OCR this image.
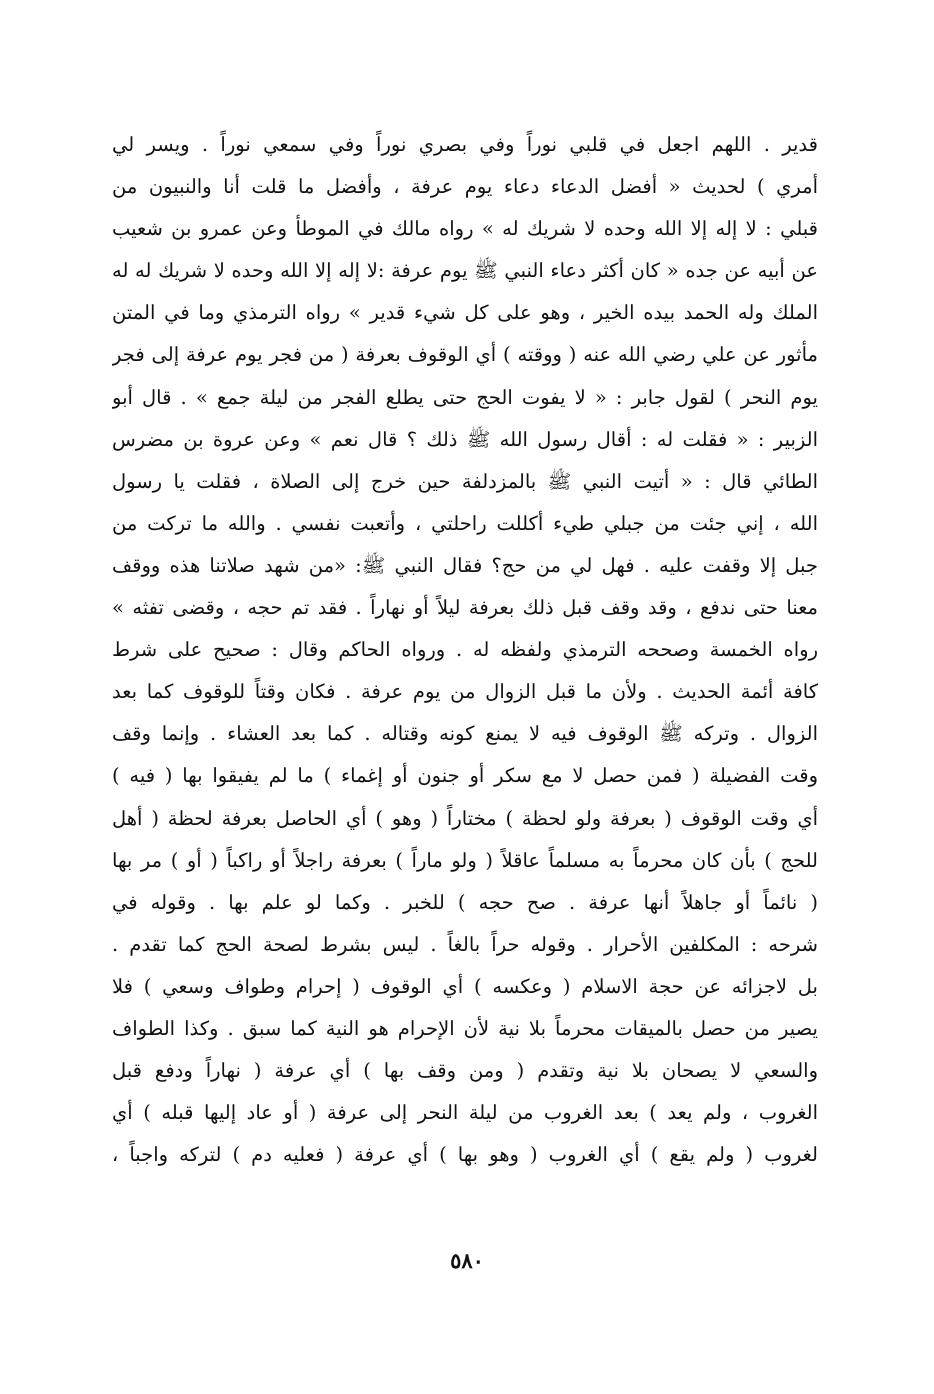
قدير . اللهم اجعل في قلبي نوراً وفي بصري نوراً وفي سمعي نوراً . ويسر لي
أمري ) لحديث « أفضل الدعاء دعاء يوم عرفة ، وأفضل ما قلت أنا والنبيون من
قبلي : لا إله إلا الله وحده لا شريك له » رواه مالك في الموطأ وعن عمرو بن شعيب
عن أبيه عن جده « كان أكثر دعاء النبي ﷺ يوم عرفة :لا إله إلا الله وحده لا شريك له له
الملك وله الحمد بيده الخير ، وهو على كل شيء قدير » رواه الترمذي وما في المتن
مأثور عن علي رضي الله عنه ( ووقته ) أي الوقوف بعرفة ( من فجر يوم عرفة إلى فجر
يوم النحر ) لقول جابر : « لا يفوت الحج حتى يطلع الفجر من ليلة جمع » . قال أبو
الزبير : « فقلت له : أقال رسول الله ﷺ ذلك ؟ قال نعم » وعن عروة بن مضرس
الطائي قال : « أتيت النبي ﷺ بالمزدلفة حين خرج إلى الصلاة ، فقلت يا رسول
الله ، إني جئت من جبلي طيء أكللت راحلتي ، وأتعبت نفسي . والله ما تركت من
جبل إلا وقفت عليه . فهل لي من حج؟ فقال النبي ﷺ: «من شهد صلاتنا هذه ووقف
معنا حتى ندفع ، وقد وقف قبل ذلك بعرفة ليلاً أو نهاراً . فقد تم حجه ، وقضى تفثه »
رواه الخمسة وصححه الترمذي ولفظه له . ورواه الحاكم وقال : صحيح على شرط
كافة أئمة الحديث . ولأن ما قبل الزوال من يوم عرفة . فكان وقتاً للوقوف كما بعد
الزوال . وتركه ﷺ الوقوف فيه لا يمنع كونه وقتاله . كما بعد العشاء . وإنما وقف
وقت الفضيلة ( فمن حصل لا مع سكر أو جنون أو إغماء ) ما لم يفيقوا بها ( فيه )
أي وقت الوقوف ( بعرفة ولو لحظة ) مختاراً ( وهو ) أي الحاصل بعرفة لحظة ( أهل
للحج ) بأن كان محرماً به مسلماً عاقلاً ( ولو ماراً ) بعرفة راجلاً أو راكباً ( أو ) مر بها
( نائماً أو جاهلاً أنها عرفة . صح حجه ) للخبر . وكما لو علم بها . وقوله في
شرحه : المكلفين الأحرار . وقوله حراً بالغاً . ليس بشرط لصحة الحج كما تقدم .
بل لاجزائه عن حجة الاسلام ( وعكسه ) أي الوقوف ( إحرام وطواف وسعي ) فلا
يصير من حصل بالميقات محرماً بلا نية لأن الإحرام هو النية كما سبق . وكذا الطواف
والسعي لا يصحان بلا نية وتقدم ( ومن وقف بها ) أي عرفة ( نهاراً ودفع قبل
الغروب ، ولم يعد ) بعد الغروب من ليلة النحر إلى عرفة ( أو عاد إليها قبله ) أي
لغروب ( ولم يقع ) أي الغروب ( وهو بها ) أي عرفة ( فعليه دم ) لتركه واجباً ،
٥٨٠
